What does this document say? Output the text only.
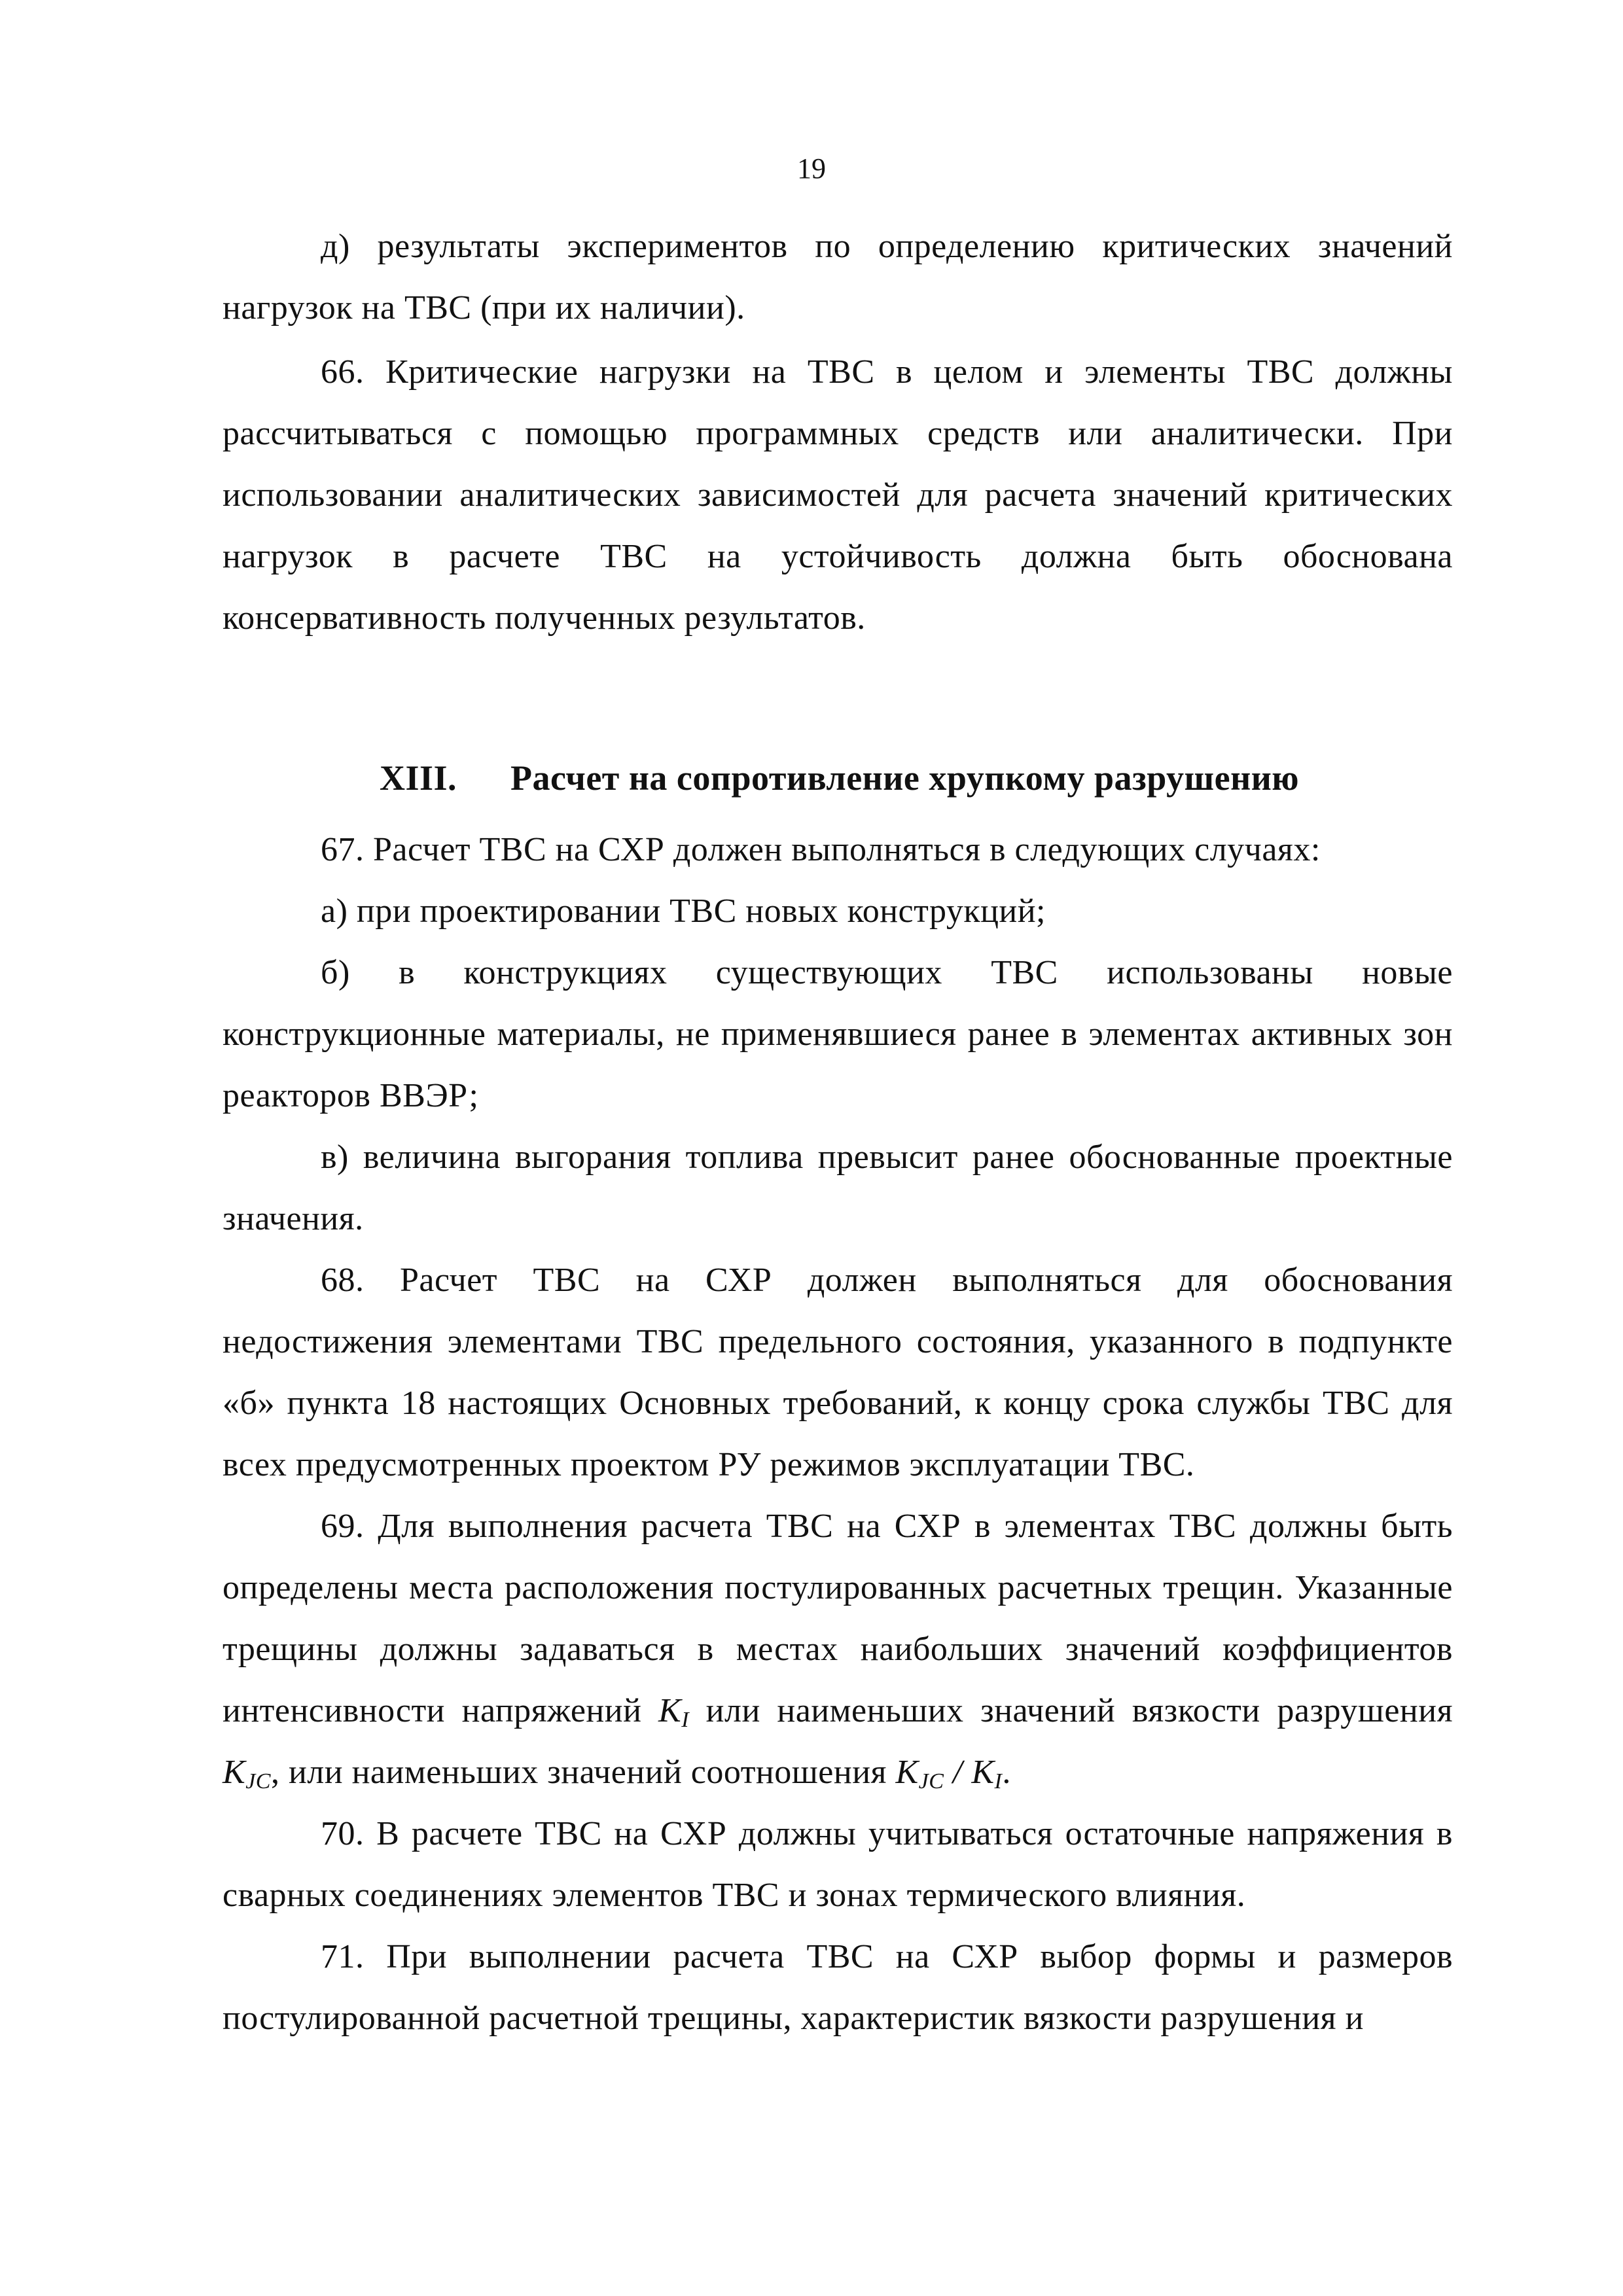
19

д) результаты экспериментов по определению критических значений нагрузок на ТВС (при их наличии).

66. Критические нагрузки на ТВС в целом и элементы ТВС должны рассчитываться с помощью программных средств или аналитически. При использовании аналитических зависимостей для расчета значений критических нагрузок в расчете ТВС на устойчивость должна быть обоснована консервативность полученных результатов.

XIII. Расчет на сопротивление хрупкому разрушению

67. Расчет ТВС на СХР должен выполняться в следующих случаях:

а) при проектировании ТВС новых конструкций;

б) в конструкциях существующих ТВС использованы новые конструкционные материалы, не применявшиеся ранее в элементах активных зон реакторов ВВЭР;

в) величина выгорания топлива превысит ранее обоснованные проектные значения.

68. Расчет ТВС на СХР должен выполняться для обоснования недостижения элементами ТВС предельного состояния, указанного в подпункте «б» пункта 18 настоящих Основных требований, к концу срока службы ТВС для всех предусмотренных проектом РУ режимов эксплуатации ТВС.

69. Для выполнения расчета ТВС на СХР в элементах ТВС должны быть определены места расположения постулированных расчетных трещин. Указанные трещины должны задаваться в местах наибольших значений коэффициентов интенсивности напряжений $K_I$ или наименьших значений вязкости разрушения $K_{JC}$, или наименьших значений соотношения $K_{JC} / K_I$.

70. В расчете ТВС на СХР должны учитываться остаточные напряжения в сварных соединениях элементов ТВС и зонах термического влияния.

71. При выполнении расчета ТВС на СХР выбор формы и размеров постулированной расчетной трещины, характеристик вязкости разрушения и
